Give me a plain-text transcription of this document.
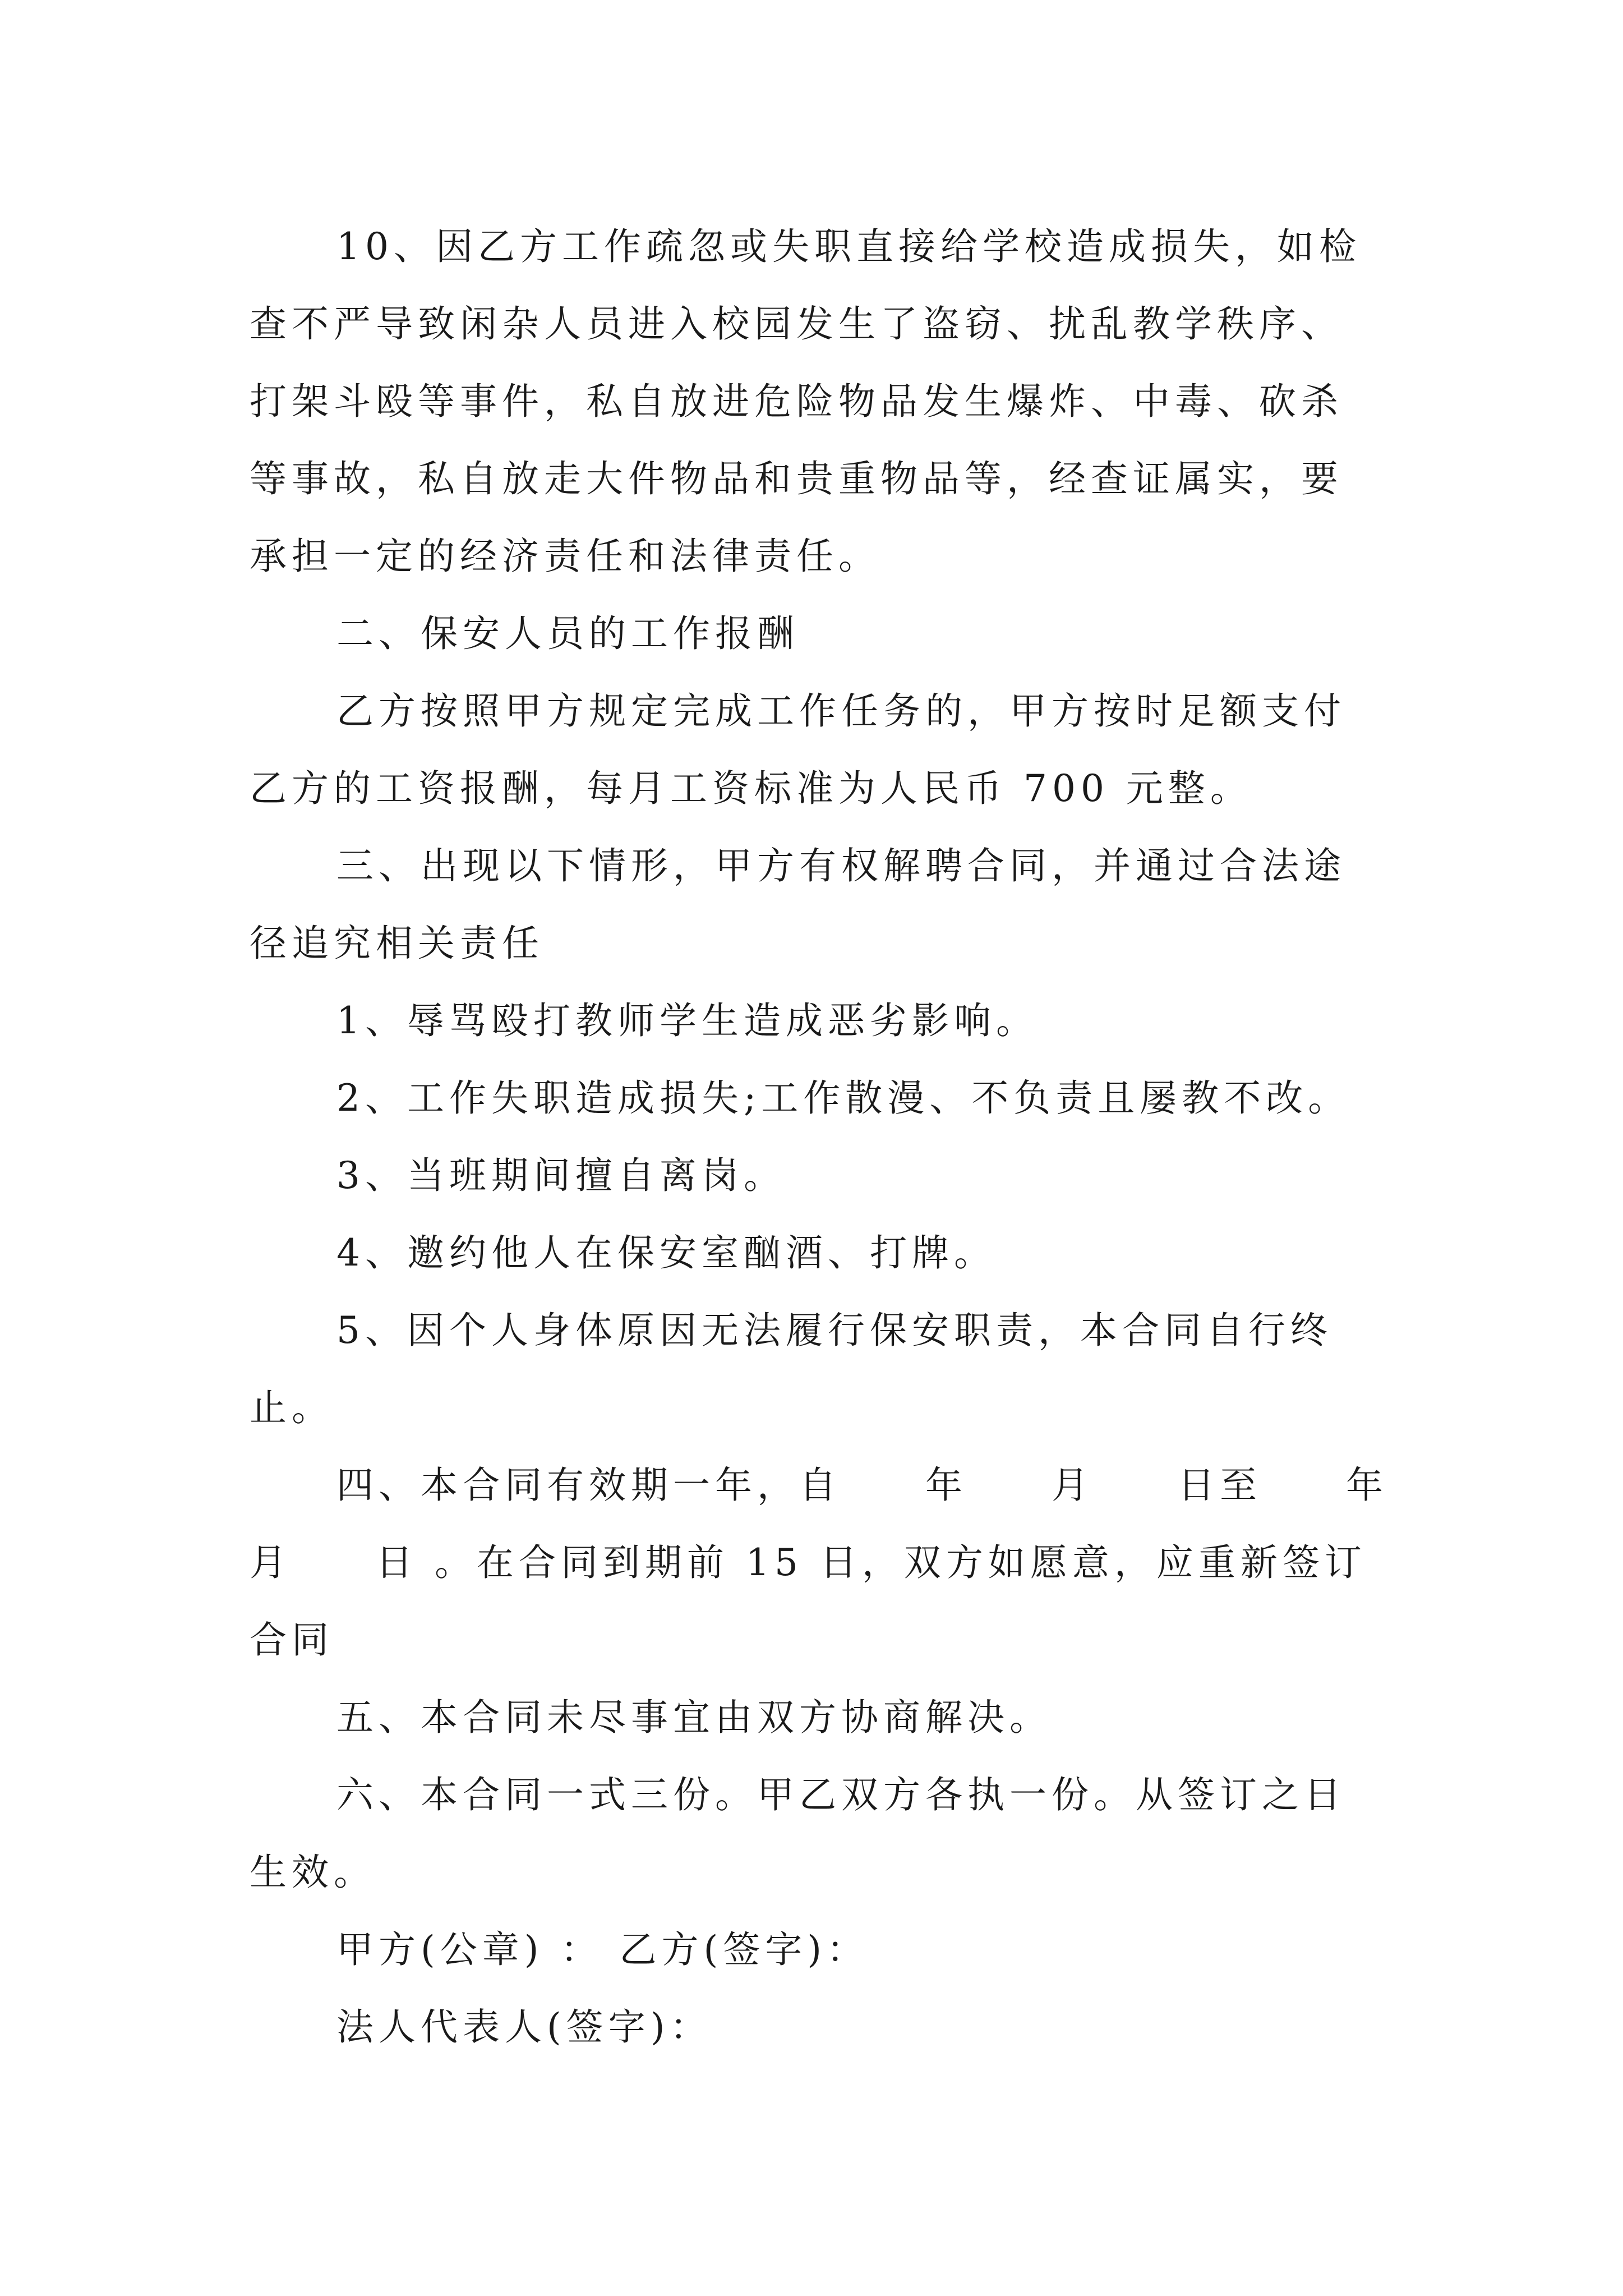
10、因乙方工作疏忽或失职直接给学校造成损失，如检
查不严导致闲杂人员进入校园发生了盗窃、扰乱教学秩序、
打架斗殴等事件，私自放进危险物品发生爆炸、中毒、砍杀
等事故，私自放走大件物品和贵重物品等，经查证属实，要
承担一定的经济责任和法律责任。
二、保安人员的工作报酬
乙方按照甲方规定完成工作任务的，甲方按时足额支付
乙方的工资报酬，每月工资标准为人民币 700 元整。
三、出现以下情形，甲方有权解聘合同，并通过合法途
径追究相关责任
1、辱骂殴打教师学生造成恶劣影响。
2、工作失职造成损失;工作散漫、不负责且屡教不改。
3、当班期间擅自离岗。
4、邀约他人在保安室酗酒、打牌。
5、因个人身体原因无法履行保安职责，本合同自行终
止。
四、本合同有效期一年，自　　年　　月　　日至　　年
月　　日 。在合同到期前 15 日，双方如愿意，应重新签订
合同
五、本合同未尽事宜由双方协商解决。
六、本合同一式三份。甲乙双方各执一份。从签订之日
生效。
甲方(公章) ： 乙方(签字)：
法人代表人(签字)：
